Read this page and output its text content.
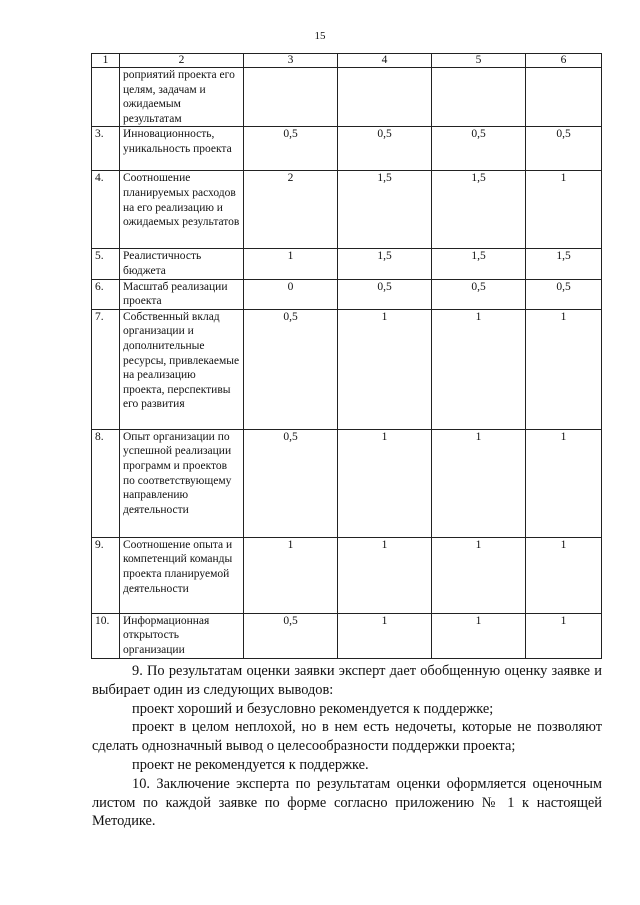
15
1	2	3	4	5	6
	роприятий проекта его целям, задачам и ожидаемым результатам				
3.	Инновационность, уникальность проекта	0,5	0,5	0,5	0,5
4.	Соотношение планируемых расходов на его реализацию и ожидаемых результатов	2	1,5	1,5	1
5.	Реалистичность бюджета	1	1,5	1,5	1,5
6.	Масштаб реализации проекта	0	0,5	0,5	0,5
7.	Собственный вклад организации и дополнительные ресурсы, привлекаемые на реализацию проекта, перспективы его развития	0,5	1	1	1
8.	Опыт организации по успешной реализации программ и проектов по соответствующему направлению деятельности	0,5	1	1	1
9.	Соотношение опыта и компетенций команды проекта планируемой деятельности	1	1	1	1
10.	Информационная открытость организации	0,5	1	1	1

9. По результатам оценки заявки эксперт дает обобщенную оценку заявке и выбирает один из следующих выводов:

проект хороший и безусловно рекомендуется к поддержке;

проект в целом неплохой, но в нем есть недочеты, которые не позволяют сделать однозначный вывод о целесообразности поддержки проекта;

проект не рекомендуется к поддержке.

10. Заключение эксперта по результатам оценки оформляется оценочным листом по каждой заявке по форме согласно приложению № 1 к настоящей Методике.
